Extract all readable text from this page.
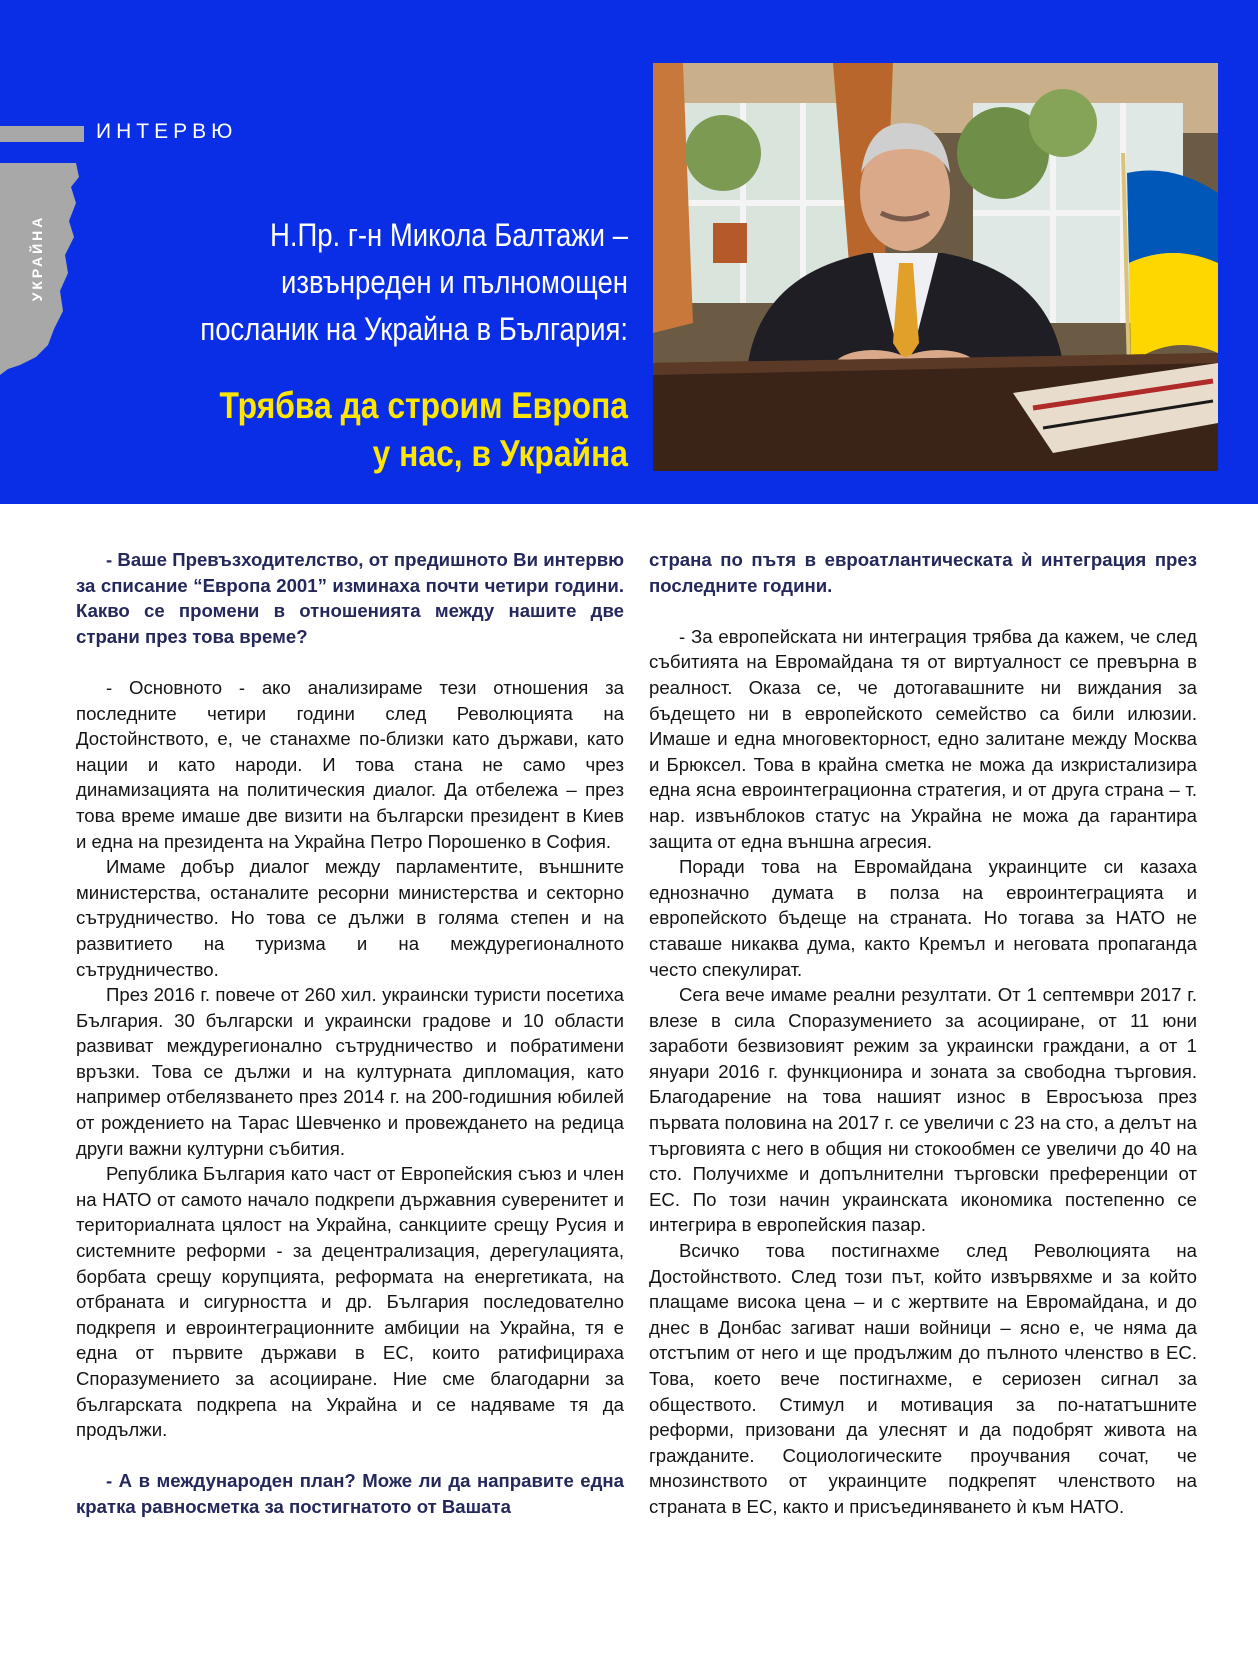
ИНТЕРВЮ
УКРАЙНА	Н.Пр. г-н Микола Балтажи –
извънреден и пълномощен
посланик на Украйна в България:
Трябва да строим Европа
у нас, в Украйна

- Ваше Превъзходителство, от предишното Ви интервю за списание “Европа 2001” изминаха почти четири години. Какво се промени в отношенията между нашите две страни през това време?

- Основното - ако анализираме тези отношения за последните четири години след Революцията на Достойнството, е, че станахме по-близки като държави, като нации и като народи. И това стана не само чрез динамизацията на политическия диалог. Да отбележа – през това време имаше две визити на български президент в Киев и една на президента на Украйна Петро Порошенко в София.

Имаме добър диалог между парламентите, външните министерства, останалите ресорни министерства и секторно сътрудничество. Но това се дължи в голяма степен и на развитието на туризма и на междурегионалното сътрудничество.

През 2016 г. повече от 260 хил. украински туристи посетиха България. 30 български и украински градове и 10 области развиват междурегионално сътрудничество и побратимени връзки. Това се дължи и на културната дипломация, като например отбелязването през 2014 г. на 200-годишния юбилей от рождението на Тарас Шевченко и провеждането на редица други важни културни събития.

Република България като част от Европейския съюз и член на НАТО от самото начало подкрепи държавния суверенитет и териториалната цялост на Украйна, санкциите срещу Русия и системните реформи - за децентрализация, дерегулацията, борбата срещу корупцията, реформата на енергетиката, на отбраната и сигурността и др. България последователно подкрепя и евроинтеграционните амбиции на Украйна, тя е една от първите държави в ЕС, които ратифицираха Споразумението за асоцииране. Ние сме благодарни за българската подкрепа на Украйна и се надяваме тя да продължи.

- А в международен план? Може ли да направите една кратка равносметка за постигнатото от Вашата

страна по пътя в евроатлантическата ѝ интеграция през последните години.

- За европейската ни интеграция трябва да кажем, че след събитията на Евромайдана тя от виртуалност се превърна в реалност. Оказа се, че дотогавашните ни виждания за бъдещето ни в европейското семейство са били илюзии. Имаше и една многовекторност, едно залитане между Москва и Брюксел. Това в крайна сметка не можа да изкристализира една ясна евроинтеграционна стратегия, и от друга страна – т. нар. извънблоков статус на Украйна не можа да гарантира защита от една външна агресия.

Поради това на Евромайдана украинците си казаха еднозначно думата в полза на евроинтеграцията и европейското бъдеще на страната. Но тогава за НАТО не ставаше никаква дума, както Кремъл и неговата пропаганда често спекулират.

Сега вече имаме реални резултати. От 1 септември 2017 г. влезе в сила Споразумението за асоцииране, от 11 юни заработи безвизовият режим за украински граждани, а от 1 януари 2016 г. функционира и зоната за свободна търговия. Благодарение на това нашият износ в Евросъюза през първата половина на 2017 г. се увеличи с 23 на сто, а делът на търговията с него в общия ни стокообмен се увеличи до 40 на сто. Получихме и допълнителни търговски преференции от ЕС. По този начин украинската икономика постепенно се интегрира в европейския пазар.

Всичко това постигнахме след Революцията на Достойнството. След този път, който извървяхме и за който плащаме висока цена – и с жертвите на Евромайдана, и до днес в Донбас загиват наши войници – ясно е, че няма да отстъпим от него и ще продължим до пълното членство в ЕС. Това, което вече постигнахме, е сериозен сигнал за обществото. Стимул и мотивация за по-нататъшните реформи, призовани да улеснят и да подобрят живота на гражданите. Социологическите проучвания сочат, че мнозинството от украинците подкрепят членството на страната в ЕС, както и присъединяването ѝ към НАТО.
